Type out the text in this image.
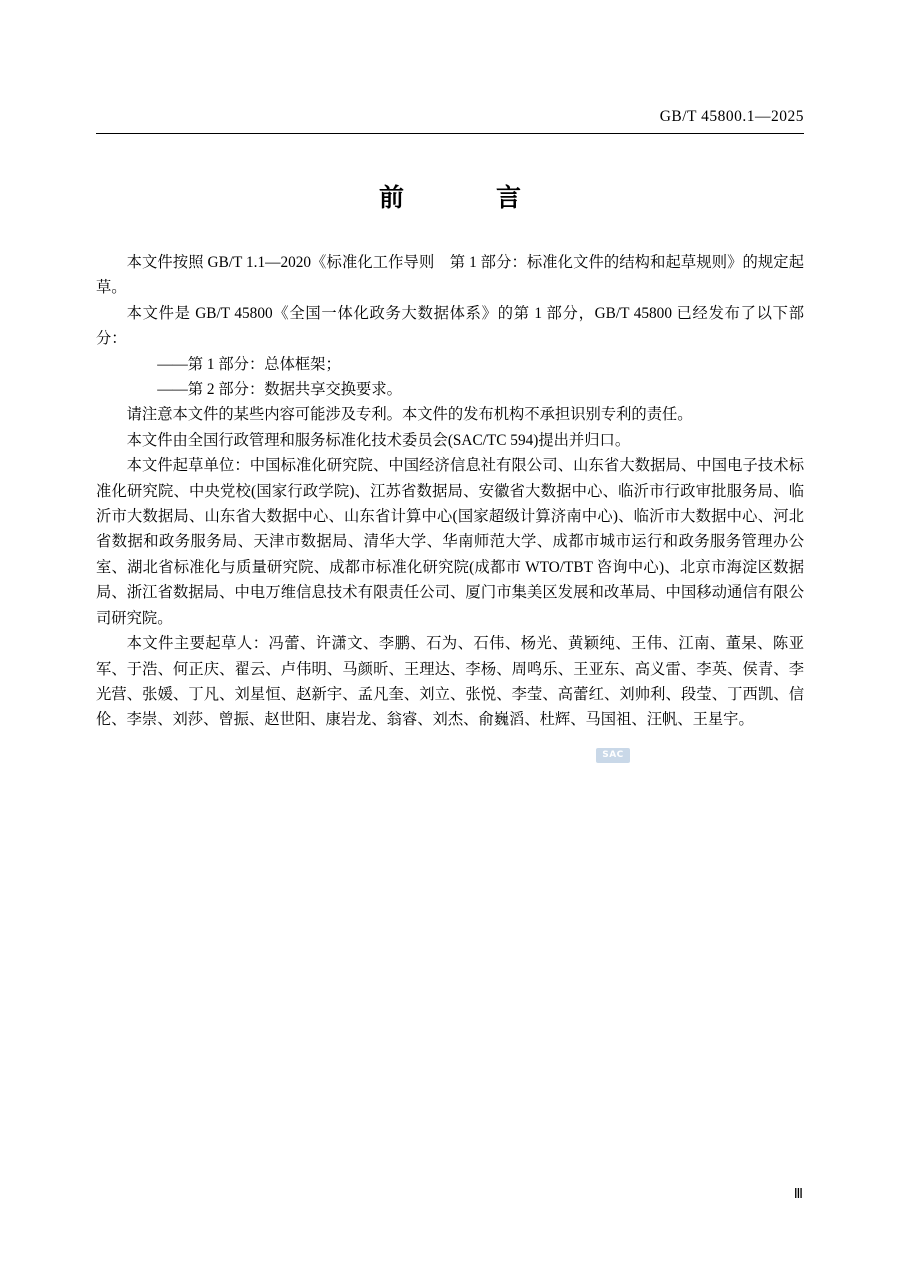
GB/T 45800.1—2025
前　　言

本文件按照 GB/T 1.1—2020《标准化工作导则　第 1 部分：标准化文件的结构和起草规则》的规定起草。

本文件是 GB/T 45800《全国一体化政务大数据体系》的第 1 部分，GB/T 45800 已经发布了以下部分：

——第 1 部分：总体框架；

——第 2 部分：数据共享交换要求。

请注意本文件的某些内容可能涉及专利。本文件的发布机构不承担识别专利的责任。

本文件由全国行政管理和服务标准化技术委员会(SAC/TC 594)提出并归口。

本文件起草单位：中国标准化研究院、中国经济信息社有限公司、山东省大数据局、中国电子技术标准化研究院、中央党校(国家行政学院)、江苏省数据局、安徽省大数据中心、临沂市行政审批服务局、临沂市大数据局、山东省大数据中心、山东省计算中心(国家超级计算济南中心)、临沂市大数据中心、河北省数据和政务服务局、天津市数据局、清华大学、华南师范大学、成都市城市运行和政务服务管理办公室、湖北省标准化与质量研究院、成都市标准化研究院(成都市 WTO/TBT 咨询中心)、北京市海淀区数据局、浙江省数据局、中电万维信息技术有限责任公司、厦门市集美区发展和改革局、中国移动通信有限公司研究院。

本文件主要起草人：冯蕾、许潇文、李鹏、石为、石伟、杨光、黄颖纯、王伟、江南、董杲、陈亚军、于浩、何正庆、翟云、卢伟明、马颜昕、王理达、李杨、周鸣乐、王亚东、高义雷、李英、侯青、李光营、张媛、丁凡、刘星恒、赵新宇、孟凡奎、刘立、张悦、李莹、高蕾红、刘帅利、段莹、丁西凯、信伦、李崇、刘莎、曾振、赵世阳、康岩龙、翁睿、刘杰、俞巍滔、杜辉、马国祖、汪帆、王星宇。

SAC
Ⅲ
